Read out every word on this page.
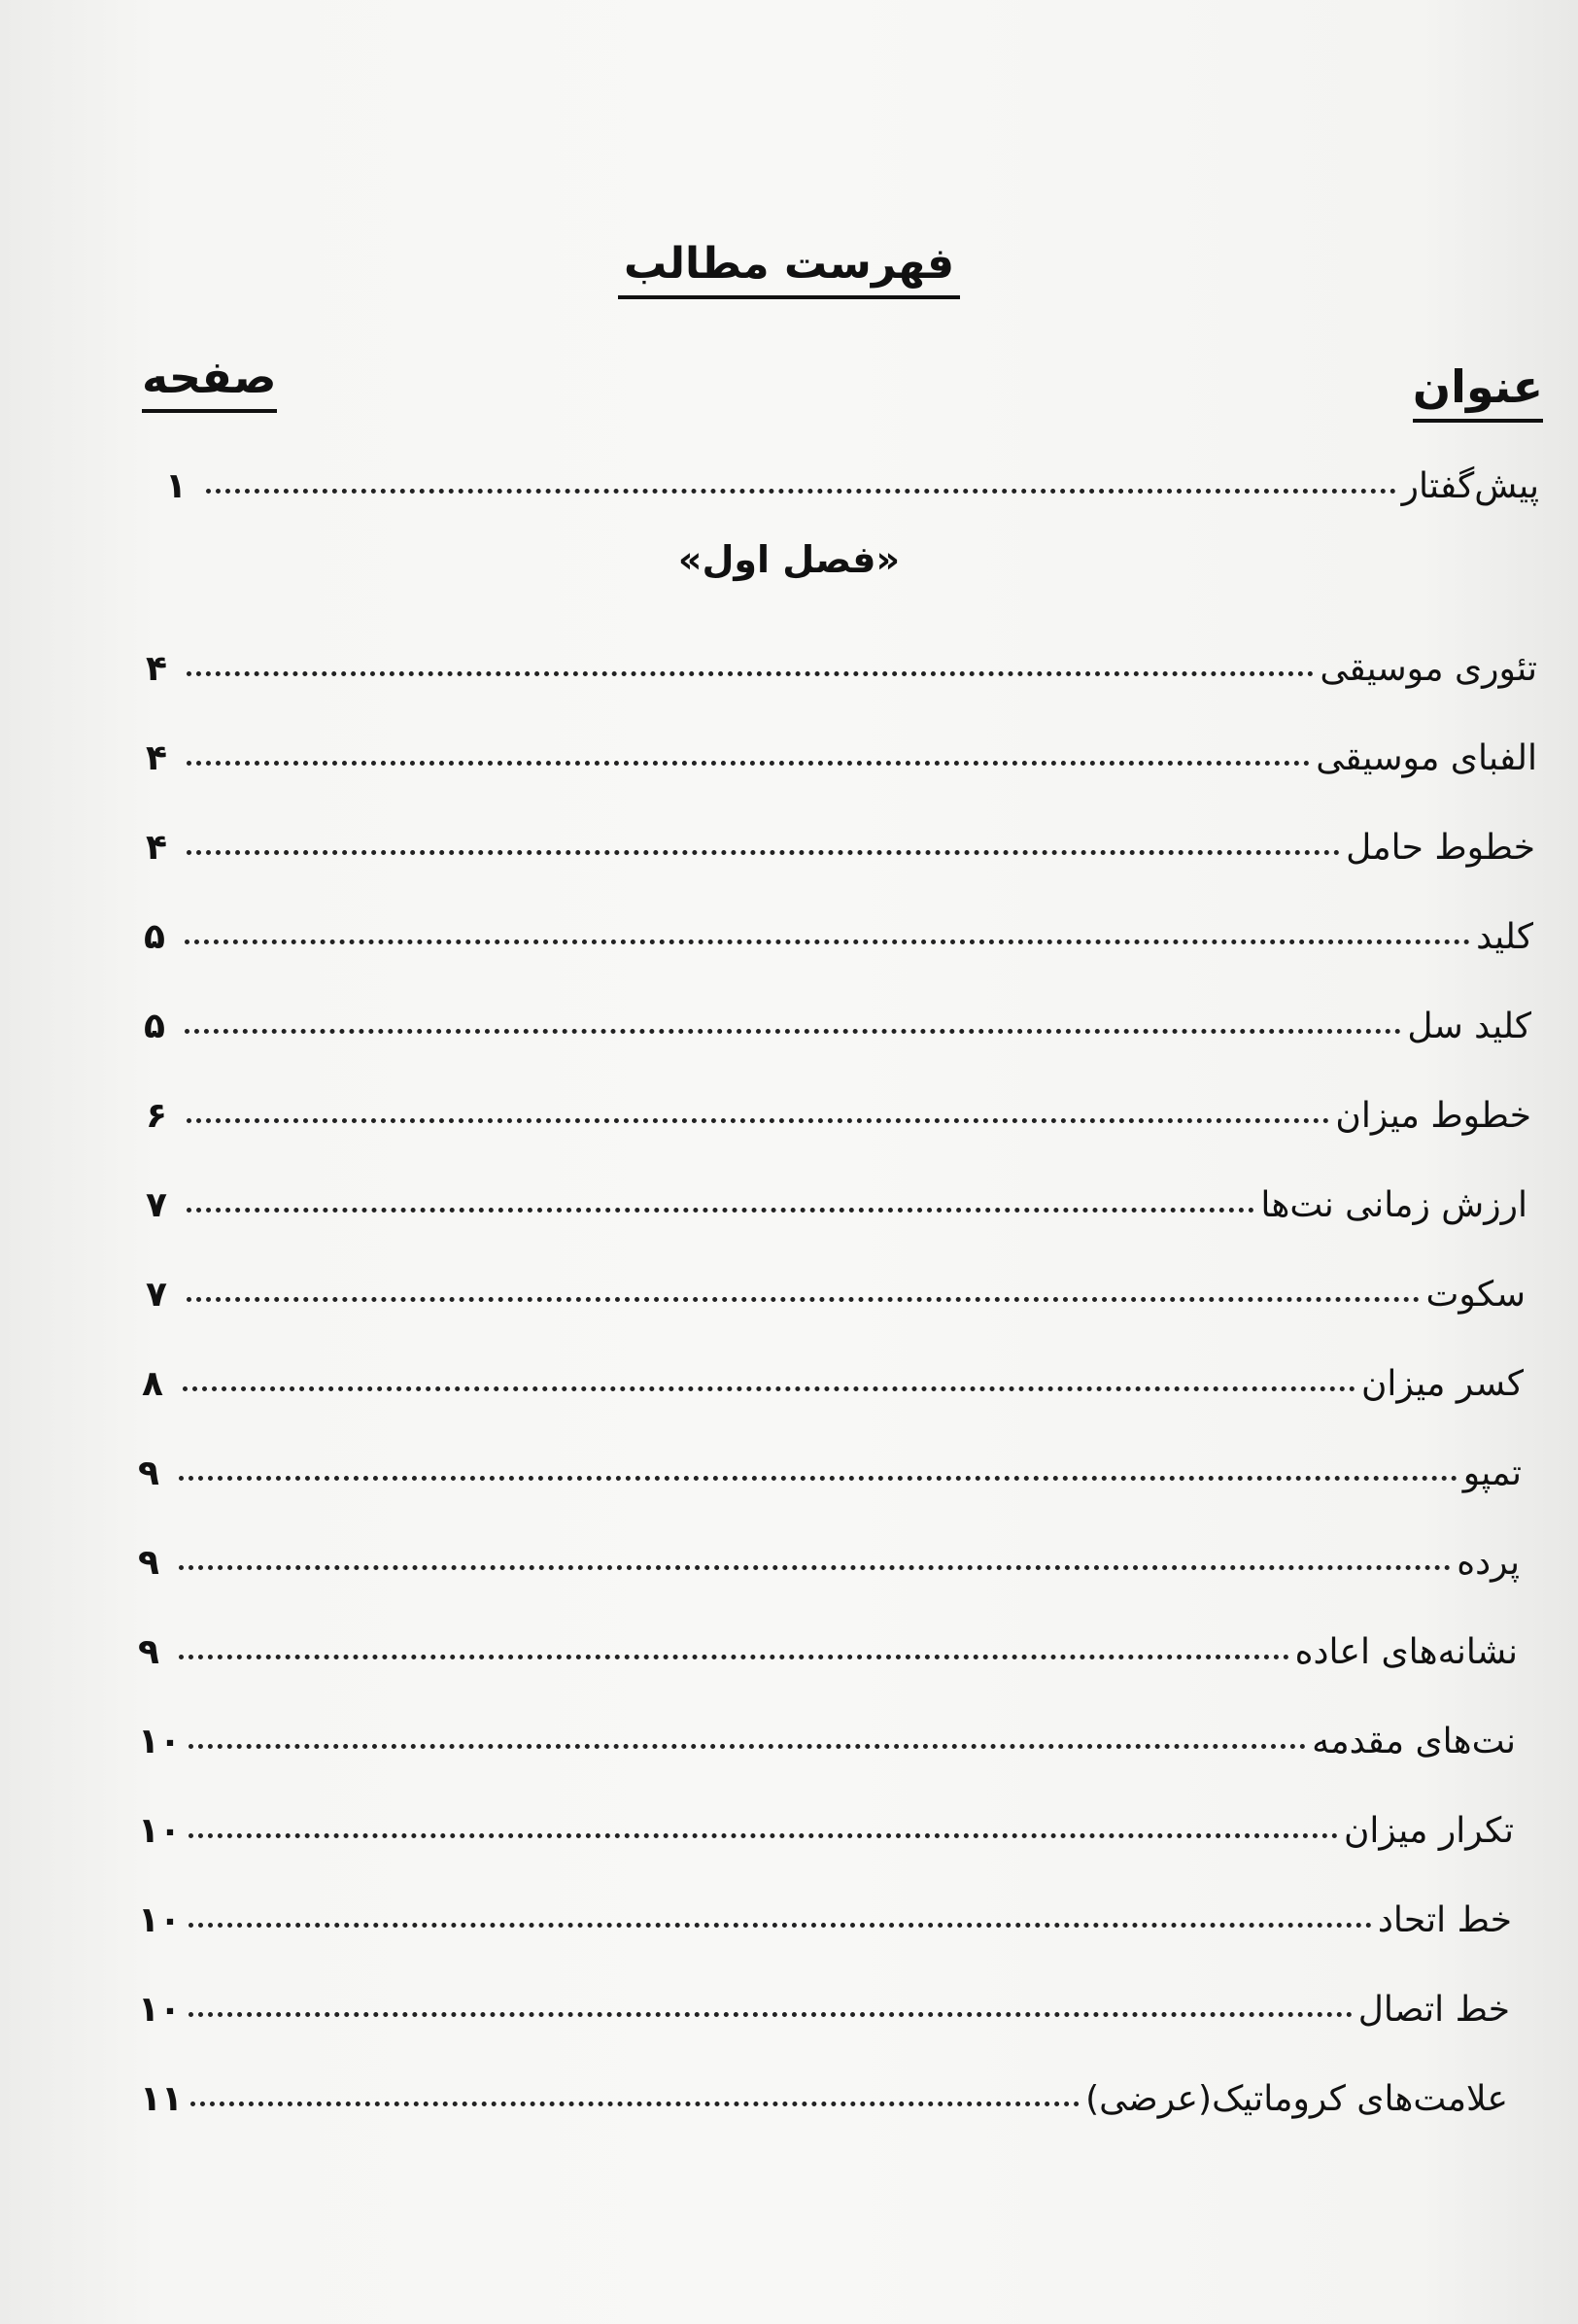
فهرست مطالب
عنوان
صفحه
«فصل اول»
پیش‌گفتار
۱
تئوری موسیقی
۴
الفبای موسیقی
۴
خطوط حامل
۴
کلید
۵
کلید سل
۵
خطوط میزان
۶
ارزش زمانی نت‌ها
۷
سکوت
۷
کسر میزان
۸
تمپو
۹
پرده
۹
نشانه‌های اعاده
۹
نت‌های مقدمه
۱۰
تکرار میزان
۱۰
خط اتحاد
۱۰
خط اتصال
۱۰
علامت‌های کروماتیک(عرضی)
۱۱
